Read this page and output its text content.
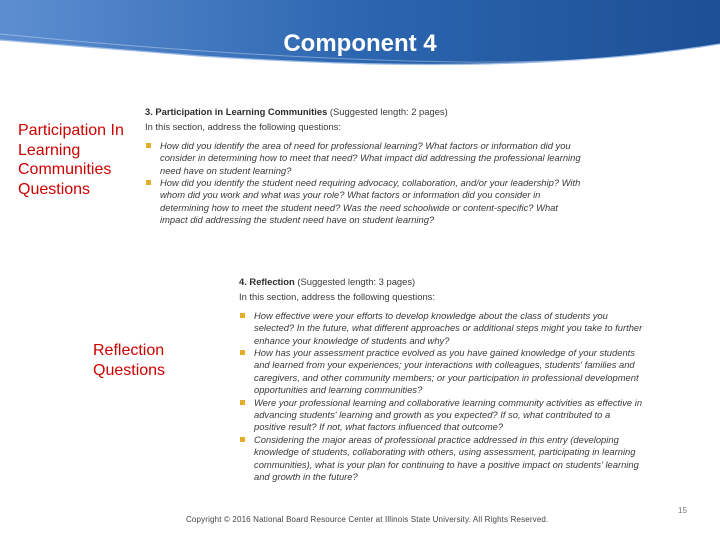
Component 4
Participation In Learning Communities Questions
Reflection Questions
3. Participation in Learning Communities (Suggested length: 2 pages)
In this section, address the following questions:
How did you identify the area of need for professional learning? What factors or information did you consider in determining how to meet that need? What impact did addressing the professional learning need have on student learning?
How did you identify the student need requiring advocacy, collaboration, and/or your leadership? With whom did you work and what was your role? What factors or information did you consider in determining how to meet the student need? Was the need schoolwide or content-specific? What impact did addressing the student need have on student learning?
4. Reflection (Suggested length: 3 pages)
In this section, address the following questions:
How effective were your efforts to develop knowledge about the class of students you selected? In the future, what different approaches or additional steps might you take to further enhance your knowledge of students and why?
How has your assessment practice evolved as you have gained knowledge of your students and learned from your experiences; your interactions with colleagues, students' families and caregivers, and other community members; or your participation in professional development opportunities and learning communities?
Were your professional learning and collaborative learning community activities as effective in advancing students' learning and growth as you expected? If so, what contributed to a positive result? If not, what factors influenced that outcome?
Considering the major areas of professional practice addressed in this entry (developing knowledge of students, collaborating with others, using assessment, participating in learning communities), what is your plan for continuing to have a positive impact on students' learning and growth in the future?
15
Copyright © 2016 National Board Resource Center at Illinois State University. All Rights Reserved.
